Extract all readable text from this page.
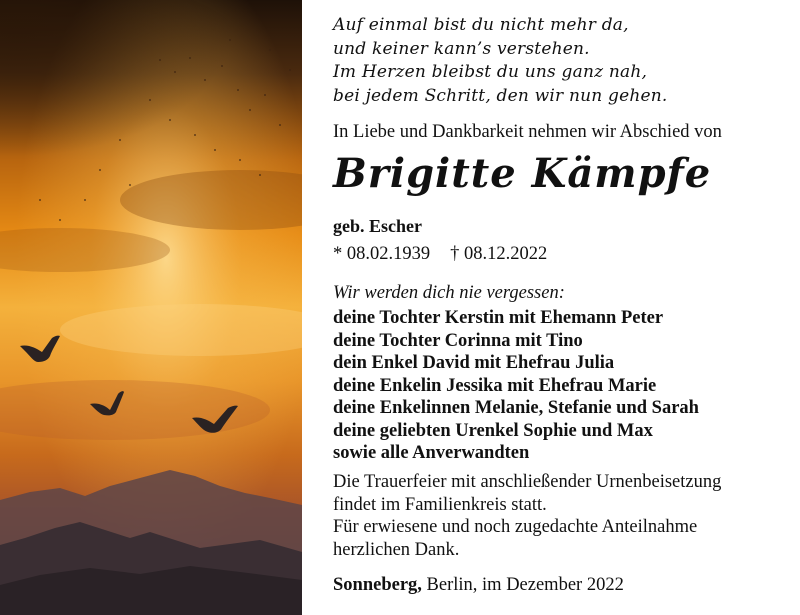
Auf einmal bist du nicht mehr da,
und keiner kann’s verstehen.
Im Herzen bleibst du uns ganz nah,
bei jedem Schritt, den wir nun gehen.
In Liebe und Dankbarkeit nehmen wir Abschied von
Brigitte Kämpfe
geb. Escher
* 08.02.1939 † 08.12.2022
Wir werden dich nie vergessen:
deine Tochter Kerstin mit Ehemann Peter
deine Tochter Corinna mit Tino
dein Enkel David mit Ehefrau Julia
deine Enkelin Jessika mit Ehefrau Marie
deine Enkelinnen Melanie, Stefanie und Sarah
deine geliebten Urenkel Sophie und Max
sowie alle Anverwandten
Die Trauerfeier mit anschließender Urnenbeisetzung
findet im Familienkreis statt.
Für erwiesene und noch zugedachte Anteilnahme
herzlichen Dank.
Sonneberg, Berlin, im Dezember 2022
